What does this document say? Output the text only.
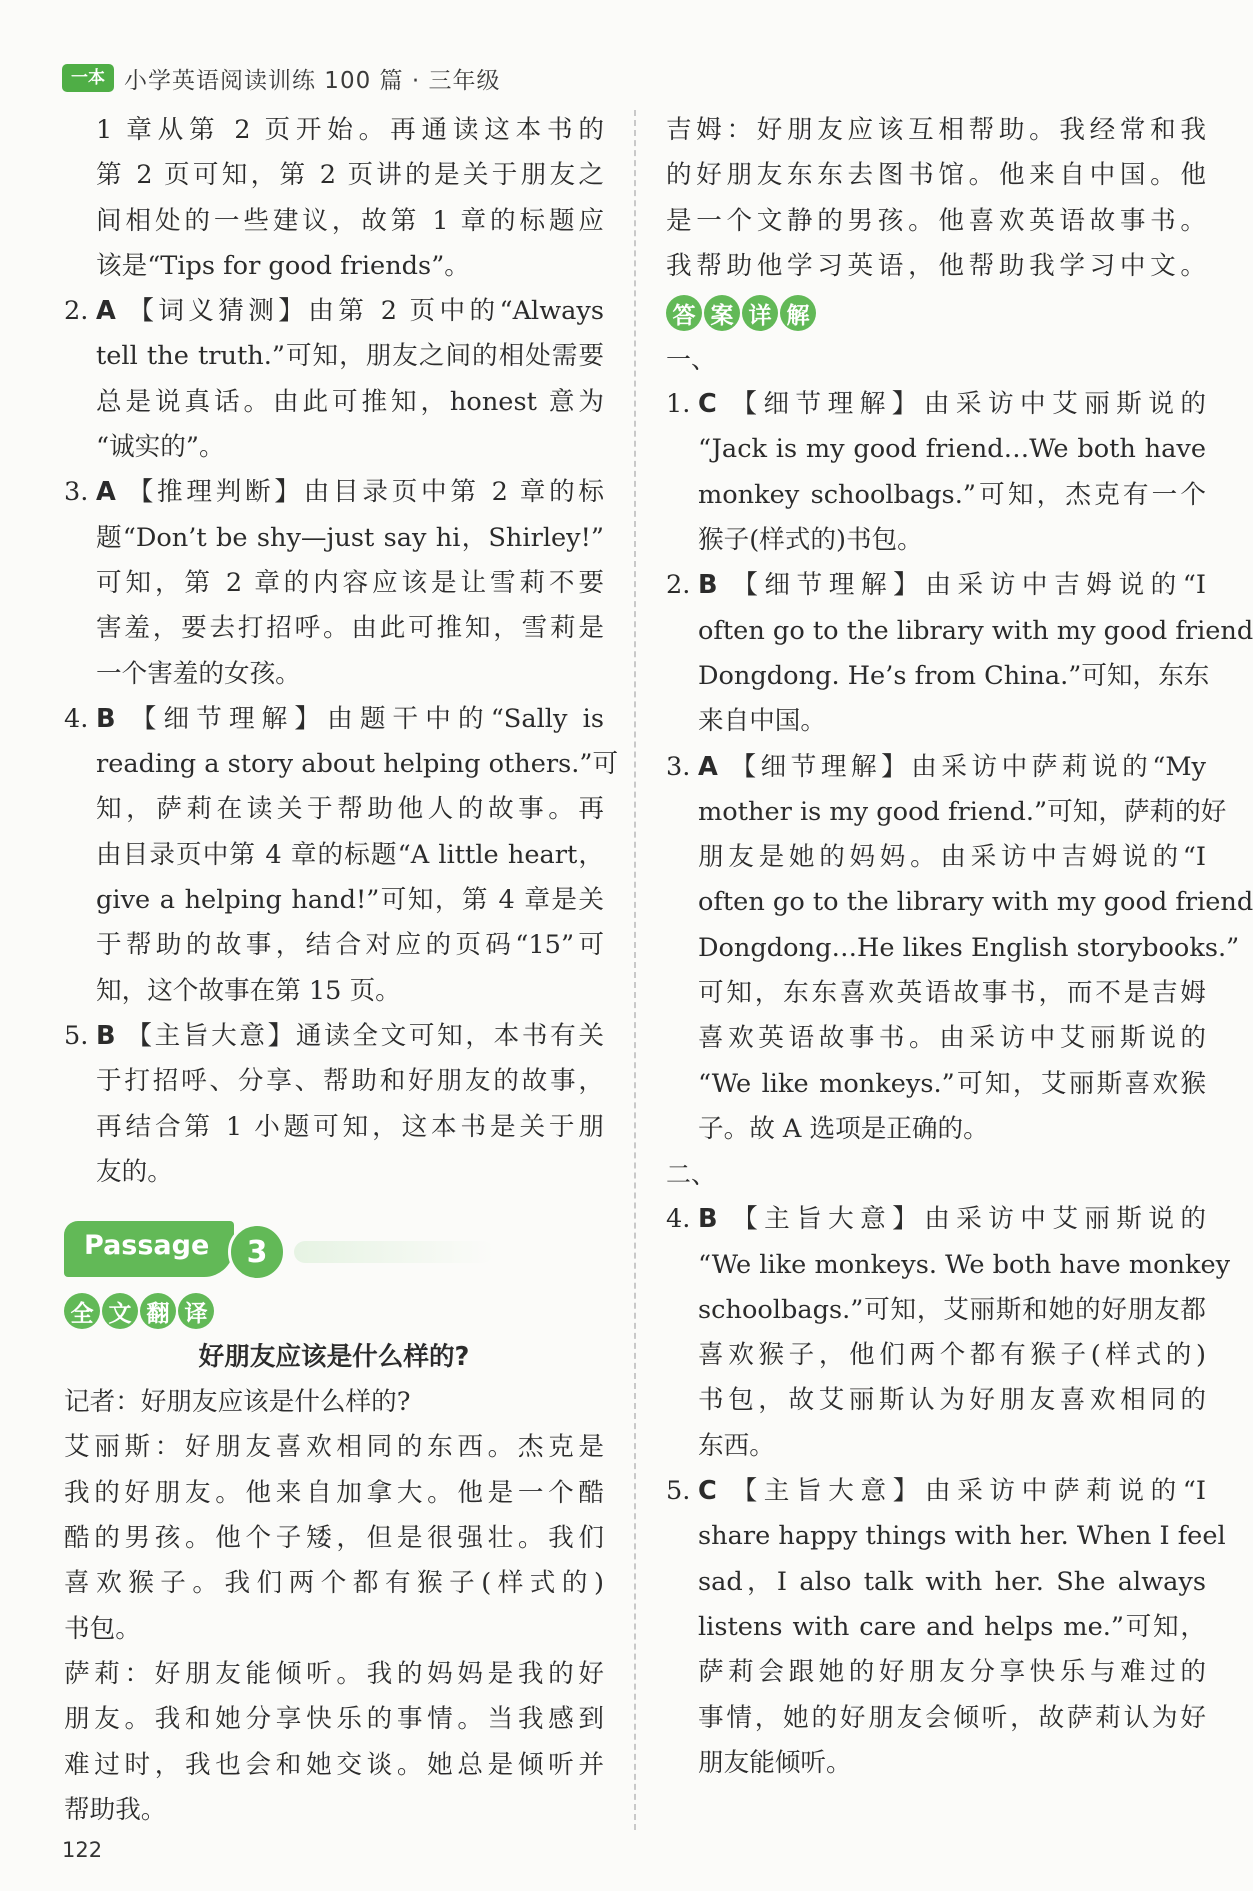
一本 小学英语阅读训练 100 篇 · 三年级
1 章从第 2 页开始。再通读这本书的
第 2 页可知，第 2 页讲的是关于朋友之
间相处的一些建议，故第 1 章的标题应
该是“Tips for good friends”。
2. A 【词义猜测】由第 2 页中的“Always
tell the truth.”可知，朋友之间的相处需要
总是说真话。由此可推知，honest 意为
“诚实的”。
3. A 【推理判断】由目录页中第 2 章的标
题“Don’t be shy—just say hi，Shirley!”
可知，第 2 章的内容应该是让雪莉不要
害羞，要去打招呼。由此可推知，雪莉是
一个害羞的女孩。
4. B 【细节理解】由题干中的“Sally is
reading a story about helping others.”可
知，萨莉在读关于帮助他人的故事。再
由目录页中第 4 章的标题“A little heart，
give a helping hand!”可知，第 4 章是关
于帮助的故事，结合对应的页码“15”可
知，这个故事在第 15 页。
5. B 【主旨大意】通读全文可知，本书有关
于打招呼、分享、帮助和好朋友的故事，
再结合第 1 小题可知，这本书是关于朋
友的。
Passage	3
全 文 翻 译
好朋友应该是什么样的?
记者：好朋友应该是什么样的?
艾丽斯：好朋友喜欢相同的东西。杰克是
我的好朋友。他来自加拿大。他是一个酷
酷的男孩。他个子矮，但是很强壮。我们
喜欢猴子。我们两个都有猴子(样式的)
书包。
萨莉：好朋友能倾听。我的妈妈是我的好
朋友。我和她分享快乐的事情。当我感到
难过时，我也会和她交谈。她总是倾听并
帮助我。
吉姆：好朋友应该互相帮助。我经常和我
的好朋友东东去图书馆。他来自中国。他
是一个文静的男孩。他喜欢英语故事书。
我帮助他学习英语，他帮助我学习中文。
答 案 详 解
一、
1. C 【细节理解】由采访中艾丽斯说的
“Jack is my good friend…We both have
monkey schoolbags.”可知，杰克有一个
猴子(样式的)书包。
2. B 【细节理解】由采访中吉姆说的“I
often go to the library with my good friend
Dongdong. He’s from China.”可知，东东
来自中国。
3. A 【细节理解】由采访中萨莉说的“My
mother is my good friend.”可知，萨莉的好
朋友是她的妈妈。由采访中吉姆说的“I
often go to the library with my good friend
Dongdong…He likes English storybooks.”
可知，东东喜欢英语故事书，而不是吉姆
喜欢英语故事书。由采访中艾丽斯说的
“We like monkeys.”可知，艾丽斯喜欢猴
子。故 A 选项是正确的。
二、
4. B 【主旨大意】由采访中艾丽斯说的
“We like monkeys. We both have monkey
schoolbags.”可知，艾丽斯和她的好朋友都
喜欢猴子，他们两个都有猴子(样式的)
书包，故艾丽斯认为好朋友喜欢相同的
东西。
5. C 【主旨大意】由采访中萨莉说的“I
share happy things with her. When I feel
sad，I also talk with her. She always
listens with care and helps me.”可知，
萨莉会跟她的好朋友分享快乐与难过的
事情，她的好朋友会倾听，故萨莉认为好
朋友能倾听。
122
